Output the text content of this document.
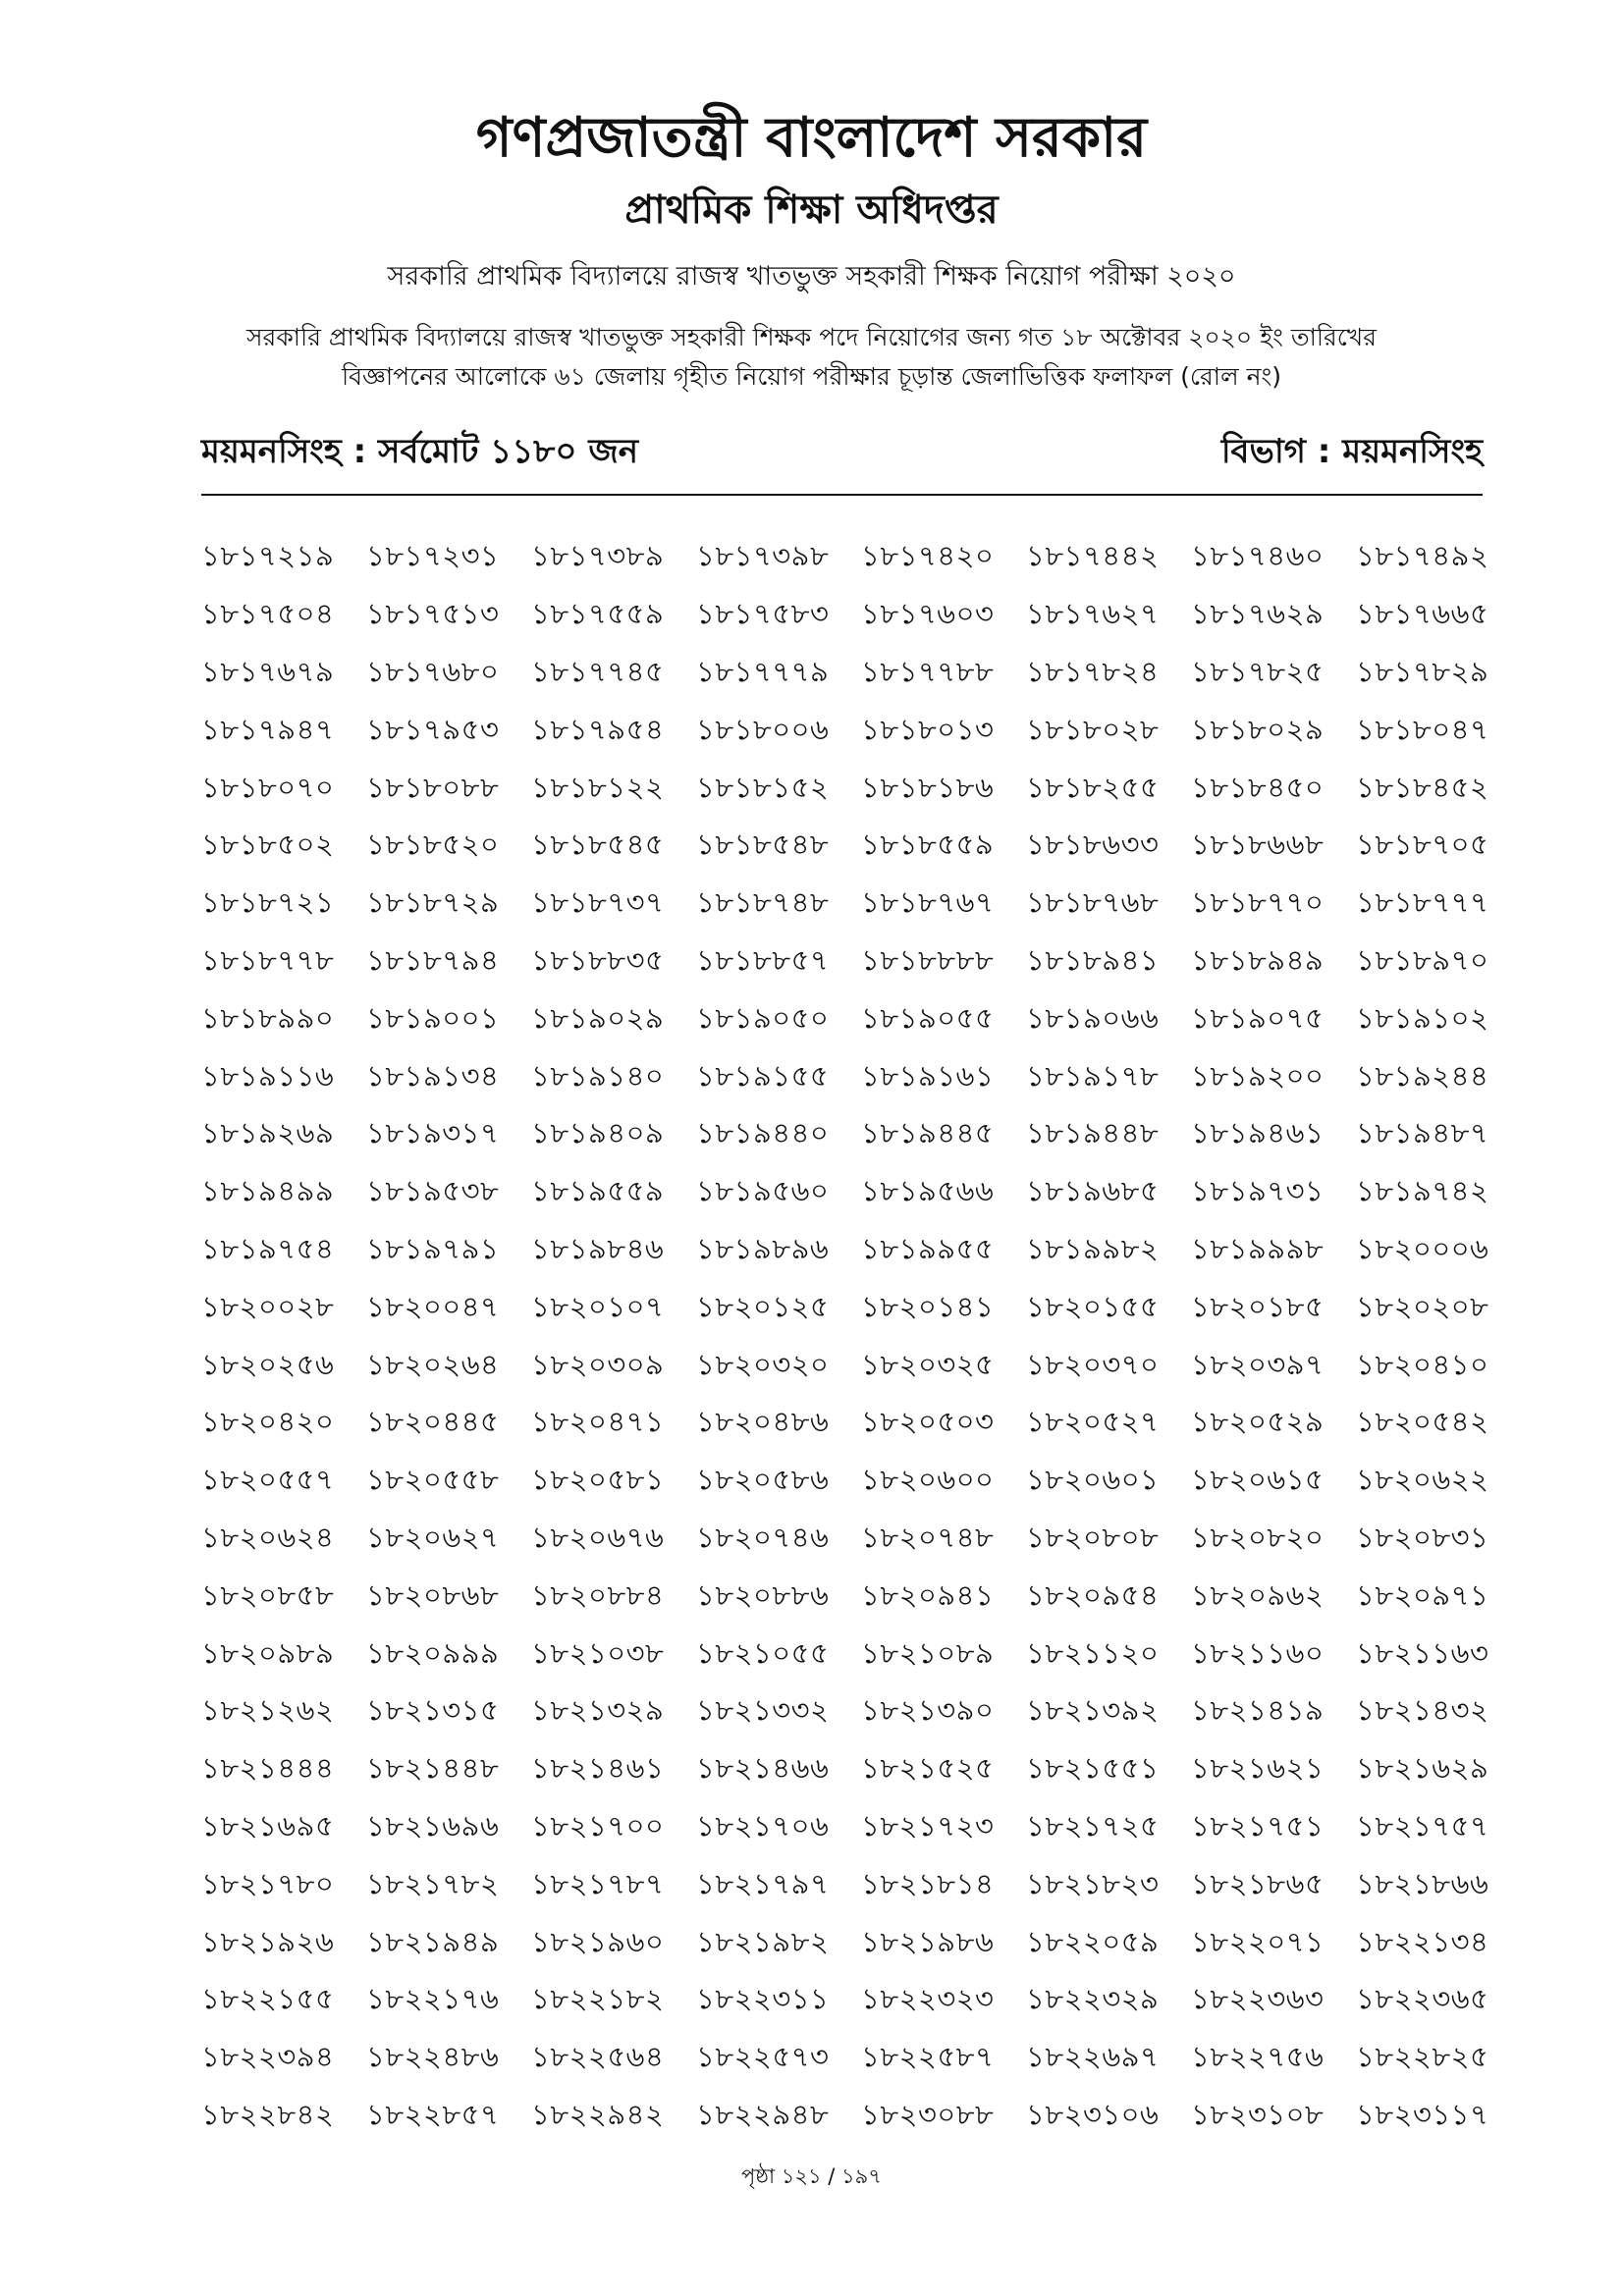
গণপ্রজাতন্ত্রী বাংলাদেশ সরকার
প্রাথমিক শিক্ষা অধিদপ্তর
সরকারি প্রাথমিক বিদ্যালয়ে রাজস্ব খাতভুক্ত সহকারী শিক্ষক নিয়োগ পরীক্ষা ২০২০
সরকারি প্রাথমিক বিদ্যালয়ে রাজস্ব খাতভুক্ত সহকারী শিক্ষক পদে নিয়োগের জন্য গত ১৮ অক্টোবর ২০২০ ইং তারিখের
বিজ্ঞাপনের আলোকে ৬১ জেলায় গৃহীত নিয়োগ পরীক্ষার চূড়ান্ত জেলাভিত্তিক ফলাফল (রোল নং)
ময়মনসিংহ : সর্বমোট ১১৮০ জন	বিভাগ : ময়মনসিংহ
১৮১৭২১৯	১৮১৭২৩১	১৮১৭৩৮৯	১৮১৭৩৯৮	১৮১৭৪২০	১৮১৭৪৪২	১৮১৭৪৬০	১৮১৭৪৯২
১৮১৭৫০৪	১৮১৭৫১৩	১৮১৭৫৫৯	১৮১৭৫৮৩	১৮১৭৬০৩	১৮১৭৬২৭	১৮১৭৬২৯	১৮১৭৬৬৫
১৮১৭৬৭৯	১৮১৭৬৮০	১৮১৭৭৪৫	১৮১৭৭৭৯	১৮১৭৭৮৮	১৮১৭৮২৪	১৮১৭৮২৫	১৮১৭৮২৯
১৮১৭৯৪৭	১৮১৭৯৫৩	১৮১৭৯৫৪	১৮১৮০০৬	১৮১৮০১৩	১৮১৮০২৮	১৮১৮০২৯	১৮১৮০৪৭
১৮১৮০৭০	১৮১৮০৮৮	১৮১৮১২২	১৮১৮১৫২	১৮১৮১৮৬	১৮১৮২৫৫	১৮১৮৪৫০	১৮১৮৪৫২
১৮১৮৫০২	১৮১৮৫২০	১৮১৮৫৪৫	১৮১৮৫৪৮	১৮১৮৫৫৯	১৮১৮৬৩৩	১৮১৮৬৬৮	১৮১৮৭০৫
১৮১৮৭২১	১৮১৮৭২৯	১৮১৮৭৩৭	১৮১৮৭৪৮	১৮১৮৭৬৭	১৮১৮৭৬৮	১৮১৮৭৭০	১৮১৮৭৭৭
১৮১৮৭৭৮	১৮১৮৭৯৪	১৮১৮৮৩৫	১৮১৮৮৫৭	১৮১৮৮৮৮	১৮১৮৯৪১	১৮১৮৯৪৯	১৮১৮৯৭০
১৮১৮৯৯০	১৮১৯০০১	১৮১৯০২৯	১৮১৯০৫০	১৮১৯০৫৫	১৮১৯০৬৬	১৮১৯০৭৫	১৮১৯১০২
১৮১৯১১৬	১৮১৯১৩৪	১৮১৯১৪০	১৮১৯১৫৫	১৮১৯১৬১	১৮১৯১৭৮	১৮১৯২০০	১৮১৯২৪৪
১৮১৯২৬৯	১৮১৯৩১৭	১৮১৯৪০৯	১৮১৯৪৪০	১৮১৯৪৪৫	১৮১৯৪৪৮	১৮১৯৪৬১	১৮১৯৪৮৭
১৮১৯৪৯৯	১৮১৯৫৩৮	১৮১৯৫৫৯	১৮১৯৫৬০	১৮১৯৫৬৬	১৮১৯৬৮৫	১৮১৯৭৩১	১৮১৯৭৪২
১৮১৯৭৫৪	১৮১৯৭৯১	১৮১৯৮৪৬	১৮১৯৮৯৬	১৮১৯৯৫৫	১৮১৯৯৮২	১৮১৯৯৯৮	১৮২০০০৬
১৮২০০২৮	১৮২০০৪৭	১৮২০১০৭	১৮২০১২৫	১৮২০১৪১	১৮২০১৫৫	১৮২০১৮৫	১৮২০২০৮
১৮২০২৫৬	১৮২০২৬৪	১৮২০৩০৯	১৮২০৩২০	১৮২০৩২৫	১৮২০৩৭০	১৮২০৩৯৭	১৮২০৪১০
১৮২০৪২০	১৮২০৪৪৫	১৮২০৪৭১	১৮২০৪৮৬	১৮২০৫০৩	১৮২০৫২৭	১৮২০৫২৯	১৮২০৫৪২
১৮২০৫৫৭	১৮২০৫৫৮	১৮২০৫৮১	১৮২০৫৮৬	১৮২০৬০০	১৮২০৬০১	১৮২০৬১৫	১৮২০৬২২
১৮২০৬২৪	১৮২০৬২৭	১৮২০৬৭৬	১৮২০৭৪৬	১৮২০৭৪৮	১৮২০৮০৮	১৮২০৮২০	১৮২০৮৩১
১৮২০৮৫৮	১৮২০৮৬৮	১৮২০৮৮৪	১৮২০৮৮৬	১৮২০৯৪১	১৮২০৯৫৪	১৮২০৯৬২	১৮২০৯৭১
১৮২০৯৮৯	১৮২০৯৯৯	১৮২১০৩৮	১৮২১০৫৫	১৮২১০৮৯	১৮২১১২০	১৮২১১৬০	১৮২১১৬৩
১৮২১২৬২	১৮২১৩১৫	১৮২১৩২৯	১৮২১৩৩২	১৮২১৩৯০	১৮২১৩৯২	১৮২১৪১৯	১৮২১৪৩২
১৮২১৪৪৪	১৮২১৪৪৮	১৮২১৪৬১	১৮২১৪৬৬	১৮২১৫২৫	১৮২১৫৫১	১৮২১৬২১	১৮২১৬২৯
১৮২১৬৯৫	১৮২১৬৯৬	১৮২১৭০০	১৮২১৭০৬	১৮২১৭২৩	১৮২১৭২৫	১৮২১৭৫১	১৮২১৭৫৭
১৮২১৭৮০	১৮২১৭৮২	১৮২১৭৮৭	১৮২১৭৯৭	১৮২১৮১৪	১৮২১৮২৩	১৮২১৮৬৫	১৮২১৮৬৬
১৮২১৯২৬	১৮২১৯৪৯	১৮২১৯৬০	১৮২১৯৮২	১৮২১৯৮৬	১৮২২০৫৯	১৮২২০৭১	১৮২২১৩৪
১৮২২১৫৫	১৮২২১৭৬	১৮২২১৮২	১৮২২৩১১	১৮২২৩২৩	১৮২২৩২৯	১৮২২৩৬৩	১৮২২৩৬৫
১৮২২৩৯৪	১৮২২৪৮৬	১৮২২৫৬৪	১৮২২৫৭৩	১৮২২৫৮৭	১৮২২৬৯৭	১৮২২৭৫৬	১৮২২৮২৫
১৮২২৮৪২	১৮২২৮৫৭	১৮২২৯৪২	১৮২২৯৪৮	১৮২৩০৮৮	১৮২৩১০৬	১৮২৩১০৮	১৮২৩১১৭
পৃষ্ঠা ১২১ / ১৯৭
